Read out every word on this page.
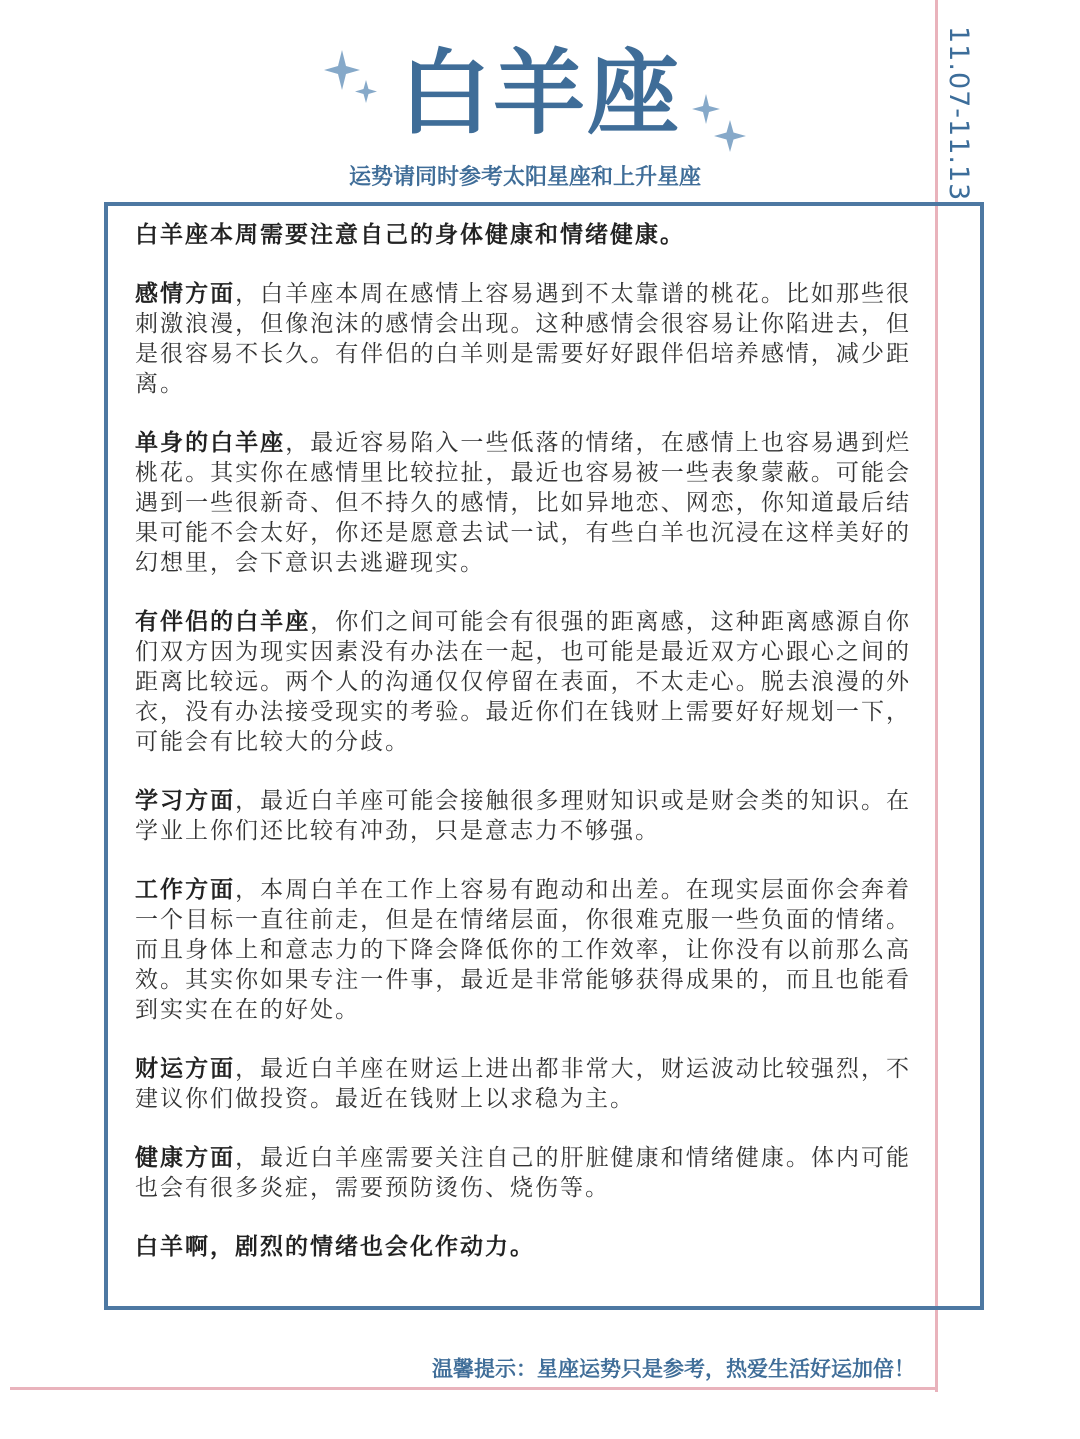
11.07-11.13
白羊座
运势请同时参考太阳星座和上升星座

白羊座本周需要注意自己的身体健康和情绪健康。

感情方面，白羊座本周在感情上容易遇到不太靠谱的桃花。比如那些很刺激浪漫，但像泡沫的感情会出现。这种感情会很容易让你陷进去，但是很容易不长久。有伴侣的白羊则是需要好好跟伴侣培养感情，减少距离。

单身的白羊座，最近容易陷入一些低落的情绪，在感情上也容易遇到烂桃花。其实你在感情里比较拉扯，最近也容易被一些表象蒙蔽。可能会遇到一些很新奇、但不持久的感情，比如异地恋、网恋，你知道最后结果可能不会太好，你还是愿意去试一试，有些白羊也沉浸在这样美好的幻想里，会下意识去逃避现实。

有伴侣的白羊座，你们之间可能会有很强的距离感，这种距离感源自你们双方因为现实因素没有办法在一起，也可能是最近双方心跟心之间的距离比较远。两个人的沟通仅仅停留在表面，不太走心。脱去浪漫的外衣，没有办法接受现实的考验。最近你们在钱财上需要好好规划一下，可能会有比较大的分歧。

学习方面，最近白羊座可能会接触很多理财知识或是财会类的知识。在学业上你们还比较有冲劲，只是意志力不够强。

工作方面，本周白羊在工作上容易有跑动和出差。在现实层面你会奔着一个目标一直往前走，但是在情绪层面，你很难克服一些负面的情绪。而且身体上和意志力的下降会降低你的工作效率，让你没有以前那么高效。其实你如果专注一件事，最近是非常能够获得成果的，而且也能看到实实在在的好处。

财运方面，最近白羊座在财运上进出都非常大，财运波动比较强烈，不建议你们做投资。最近在钱财上以求稳为主。

健康方面，最近白羊座需要关注自己的肝脏健康和情绪健康。体内可能也会有很多炎症，需要预防烫伤、烧伤等。

白羊啊，剧烈的情绪也会化作动力。

温馨提示：星座运势只是参考，热爱生活好运加倍！
